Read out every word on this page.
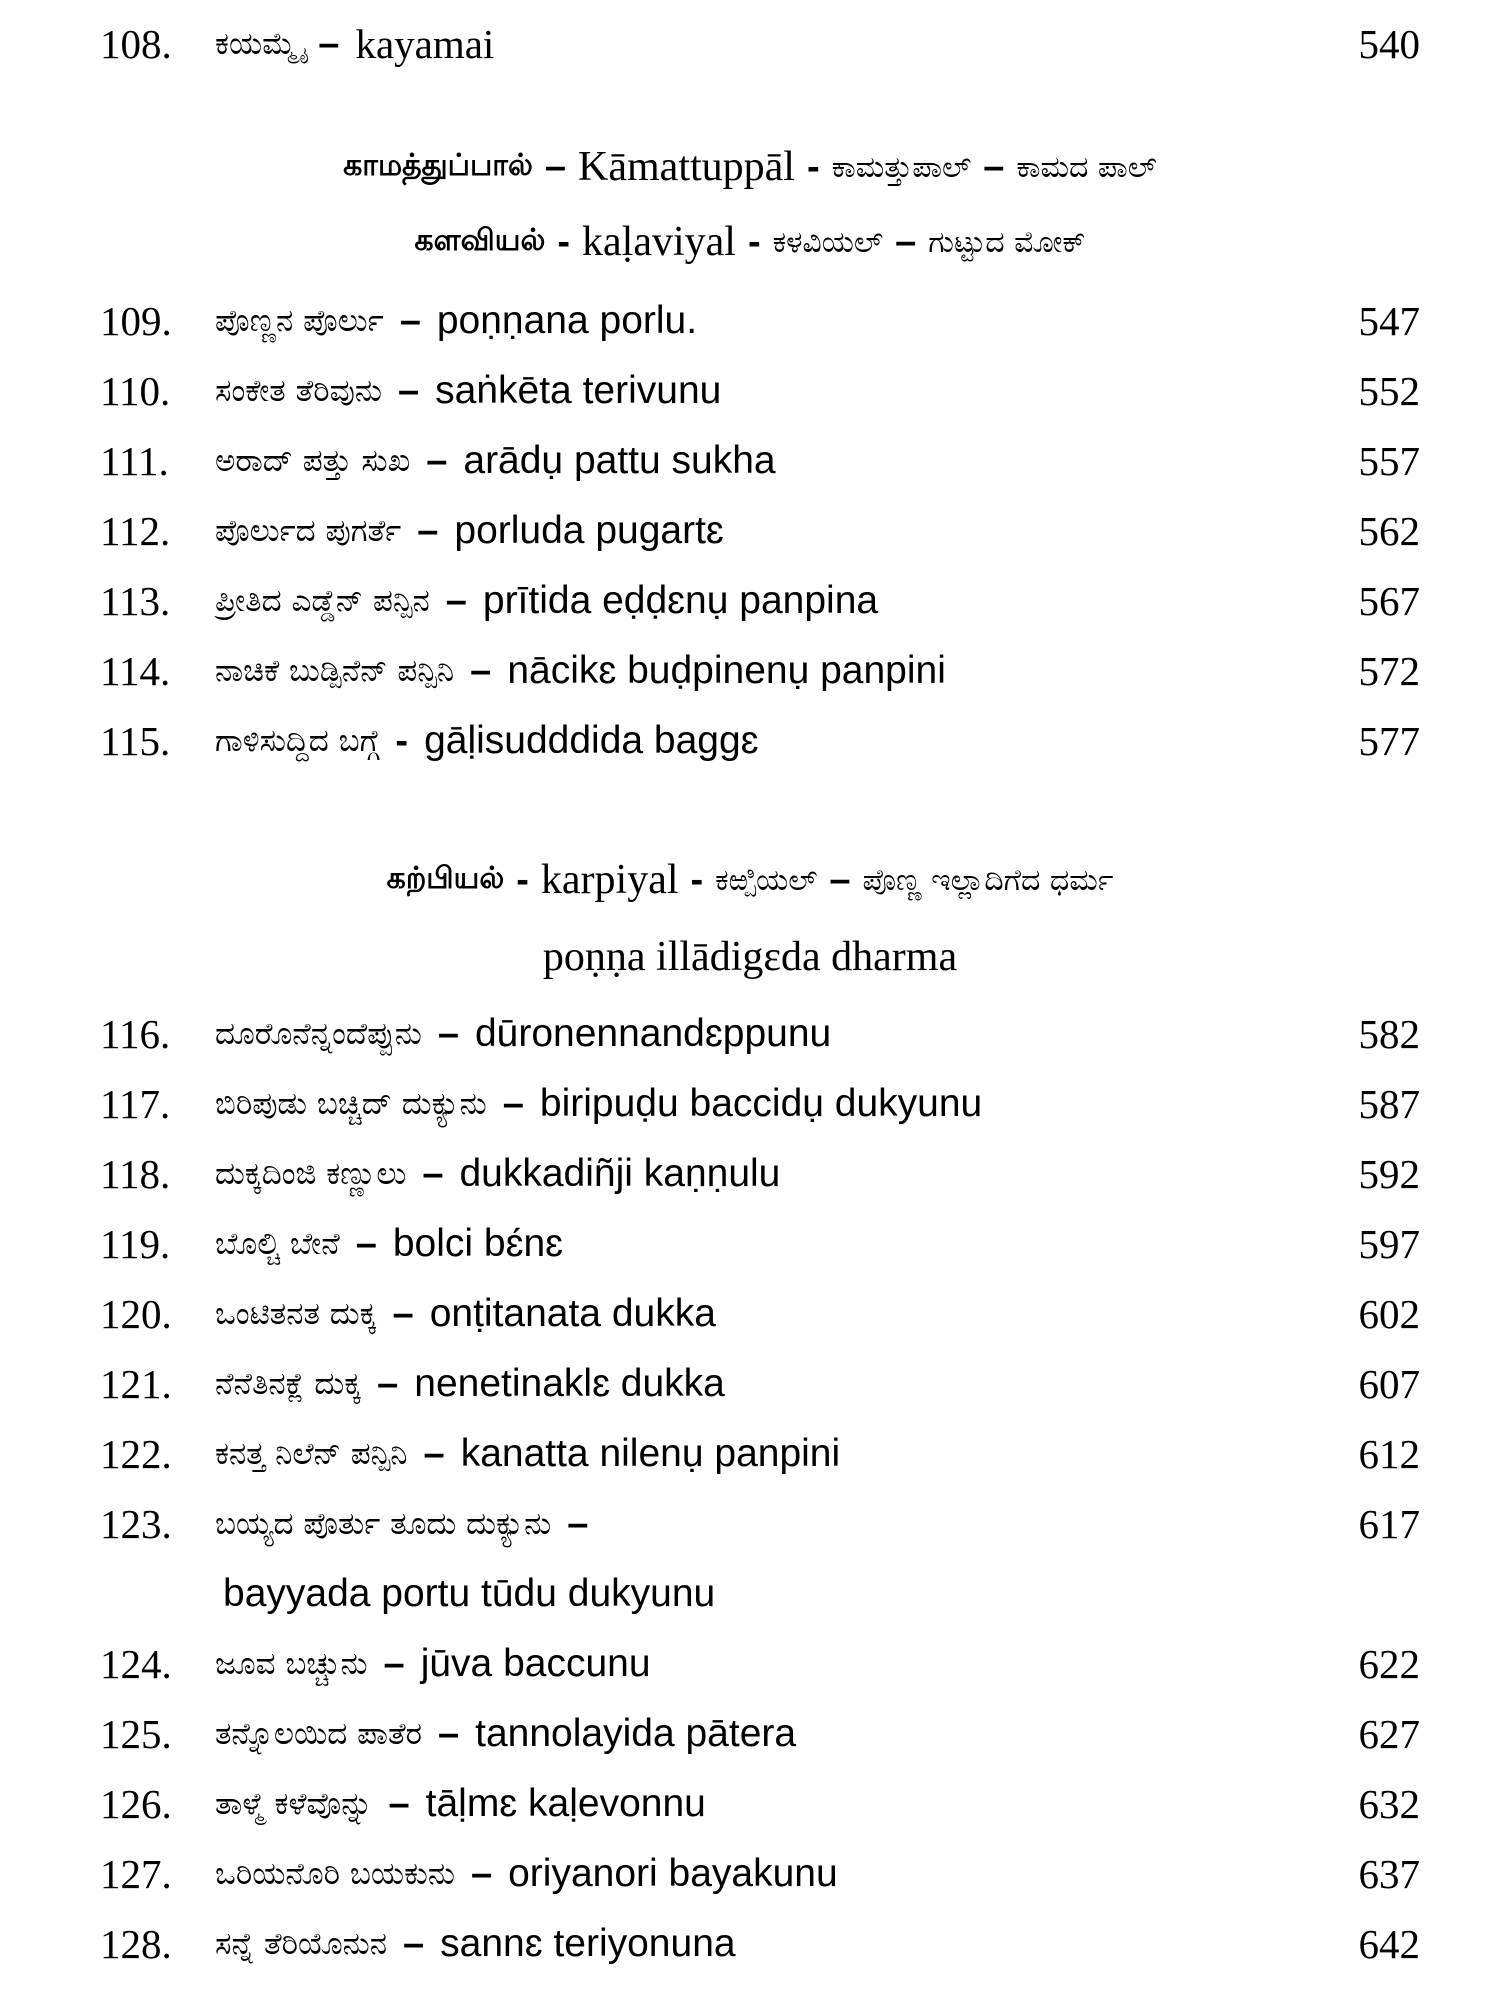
108.	ಕಯಮ್ಮೈ – kayamai	540
காமத்துப்பால் – Kāmattuppāl - ಕಾಮತ್ತುಪಾಲ್ – ಕಾಮದ ಪಾಲ್
களவியல் - kaḷaviyal - ಕಳವಿಯಲ್ – ಗುಟ್ಟುದ ಮೋಕ್
109.	ಪೊಣ್ಣನ ಪೊರ್ಲು – poṇṇana porlu.	547
110.	ಸಂಕೇತ ತೆರಿವುನು – saṅkēta terivunu	552
111.	ಅರಾದ್ ಪತ್ತು ಸುಖ – arādụ pattu sukha	557
112.	ಪೊರ್ಲುದ ಪುಗರ್ತೆ – porluda pugartɛ	562
113.	ಪ್ರೀತಿದ ಎಡ್ಡೆನ್ ಪನ್ಪಿನ – prītida eḍḍɛnụ panpina	567
114.	ನಾಚಿಕೆ ಬುಡ್ಪಿನೆನ್ ಪನ್ಪಿನಿ – nācikɛ buḍpinenụ panpini	572
115.	ಗಾಳಿಸುದ್ದಿದ ಬಗ್ಗೆ - gāḷisudddida baggɛ	577
கற்பியல் - karpiyal - ಕಱ್ಪಿಯಲ್ – ಪೊಣ್ಣ ಇಲ್ಲಾದಿಗೆದ ಧರ್ಮ
poṇṇa illādigɛda dharma
116.	ದೂರೊನೆನ್ನಂದೆಪ್ಪುನು – dūronennandɛppunu	582
117.	ಬಿರಿಪುಡು ಬಚ್ಚಿದ್ ದುಕ್ಯುನು – biripuḍu baccidụ dukyunu	587
118.	ದುಕ್ಕದಿಂಜಿ ಕಣ್ಣುಲು – dukkadiñji kaṇṇulu	592
119.	ಬೊಲ್ಚಿ ಬೇನೆ – bolci bɛ́nɛ	597
120.	ಒಂಟಿತನತ ದುಕ್ಕ – onṭitanata dukka	602
121.	ನೆನೆತಿನಕ್ಲೆ ದುಕ್ಕ – nenetinaklɛ dukka	607
122.	ಕನತ್ತ ನಿಲೆನ್ ಪನ್ಪಿನಿ – kanatta nilenụ panpini	612
123.	ಬಯ್ಯದ ಪೊರ್ತು ತೂದು ದುಕ್ಯುನು –	617
bayyada portu tūdu dukyunu
124.	ಜೂವ ಬಚ್ಚುನು – jūva baccunu	622
125.	ತನ್ನೊಲಯಿದ ಪಾತೆರ – tannolayida pātera	627
126.	ತಾಳ್ಮೆ ಕಳೆವೊನ್ನು – tāḷmɛ kaḷevonnu	632
127.	ಒರಿಯನೊರಿ ಬಯಕುನು – oriyanori bayakunu	637
128.	ಸನ್ನೆ ತೆರಿಯೊನುನ – sannɛ teriyonuna	642
